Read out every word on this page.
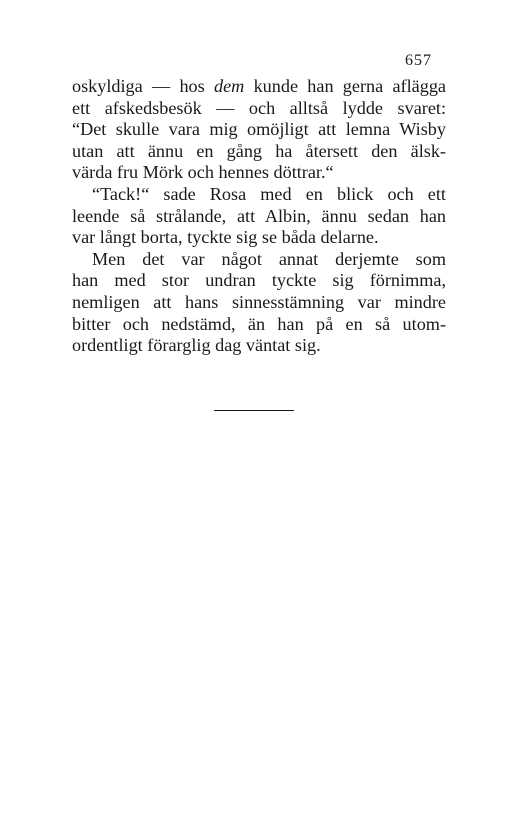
657
oskyldiga — hos dem kunde han gerna aflägga
ett afskedsbesök — och alltså lydde svaret:
“Det skulle vara mig omöjligt att lemna Wisby
utan att ännu en gång ha återsett den älsk-
värda fru Mörk och hennes döttrar.“
“Tack!“ sade Rosa med en blick och ett
leende så strålande, att Albin, ännu sedan han
var långt borta, tyckte sig se båda delarne.
Men det var något annat derjemte som
han med stor undran tyckte sig förnimma,
nemligen att hans sinnesstämning var mindre
bitter och nedstämd, än han på en så utom-
ordentligt förarglig dag väntat sig.
